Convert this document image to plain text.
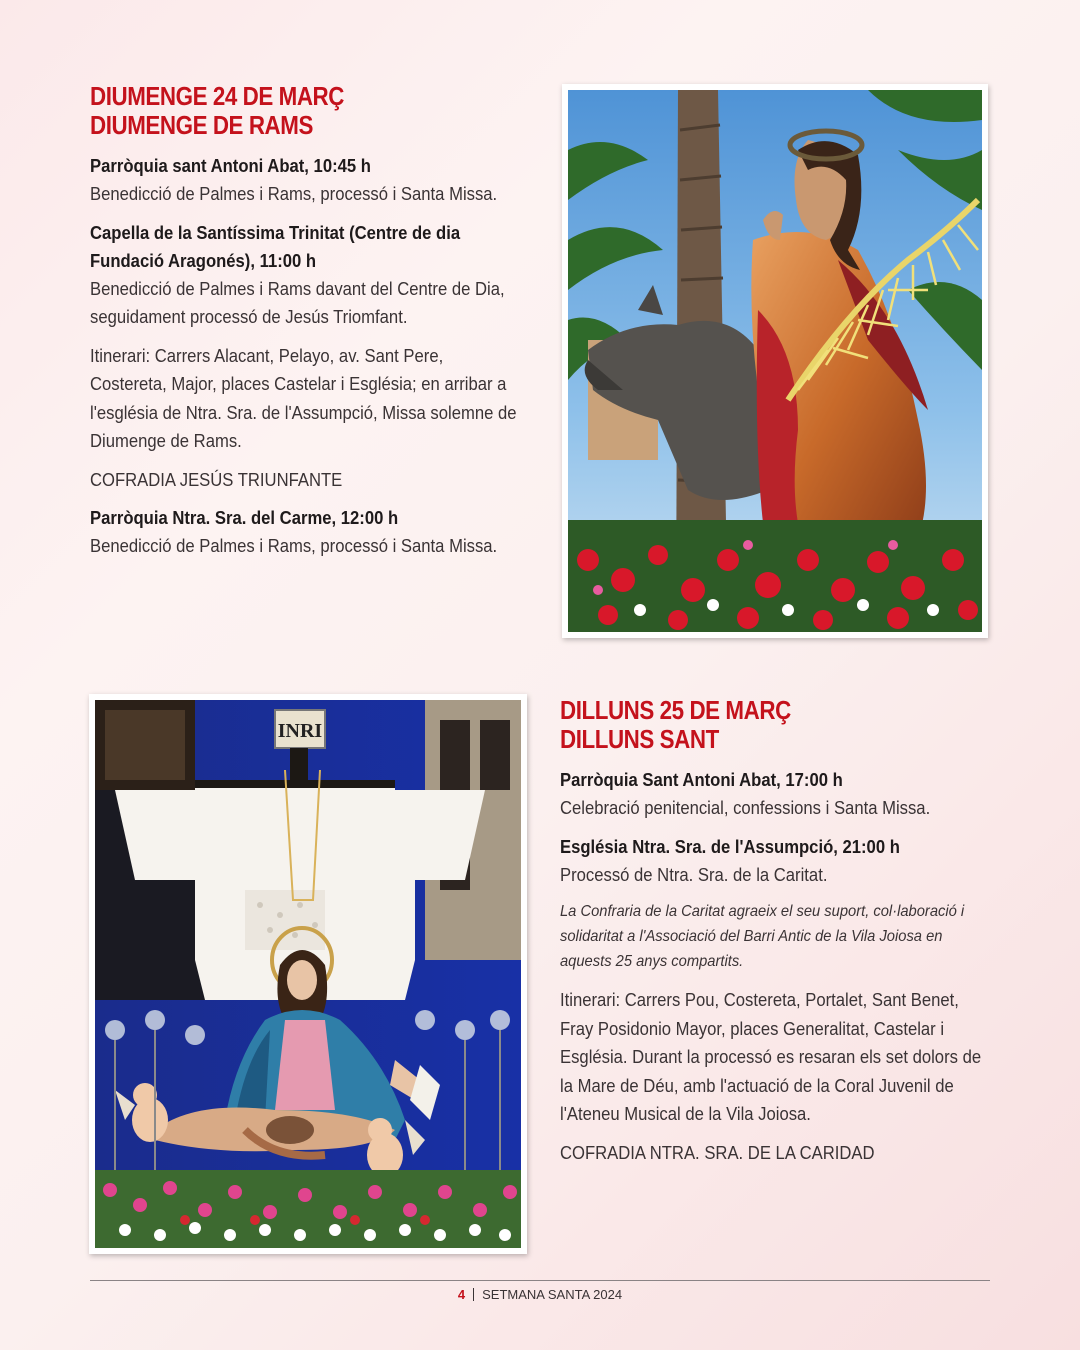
DIUMENGE 24 DE MARÇ
DIUMENGE DE RAMS
Parròquia sant Antoni Abat, 10:45 h
Benedicció de Palmes i Rams, processó i Santa Missa.
Capella de la Santíssima Trinitat (Centre de dia Fundació Aragonés), 11:00 h
Benedicció de Palmes i Rams davant del Centre de Dia, seguidament processó de Jesús Triomfant.
Itinerari: Carrers Alacant, Pelayo, av. Sant Pere, Costereta, Major, places Castelar i Església; en arribar a l'església de Ntra. Sra. de l'Assumpció, Missa solemne de Diumenge de Rams.
COFRADIA JESÚS TRIUNFANTE
Parròquia Ntra. Sra. del Carme, 12:00 h
Benedicció de Palmes i Rams, processó i Santa Missa.
INRI
DILLUNS 25 DE MARÇ
DILLUNS SANT
Parròquia Sant Antoni Abat, 17:00 h
Celebració penitencial, confessions i Santa Missa.
Església Ntra. Sra. de l'Assumpció, 21:00 h
Processó de Ntra. Sra. de la Caritat.
La Confraria de la Caritat agraeix el seu suport, col·laboració i solidaritat a l'Associació del Barri Antic de la Vila Joiosa en aquests 25 anys compartits.
Itinerari: Carrers Pou, Costereta, Portalet, Sant Benet, Fray Posidonio Mayor, places Generalitat, Castelar i Església. Durant la processó es resaran els set dolors de la Mare de Déu, amb l'actuació de la Coral Juvenil de l'Ateneu Musical de la Vila Joiosa.
COFRADIA NTRA. SRA. DE LA CARIDAD
4 SETMANA SANTA 2024
